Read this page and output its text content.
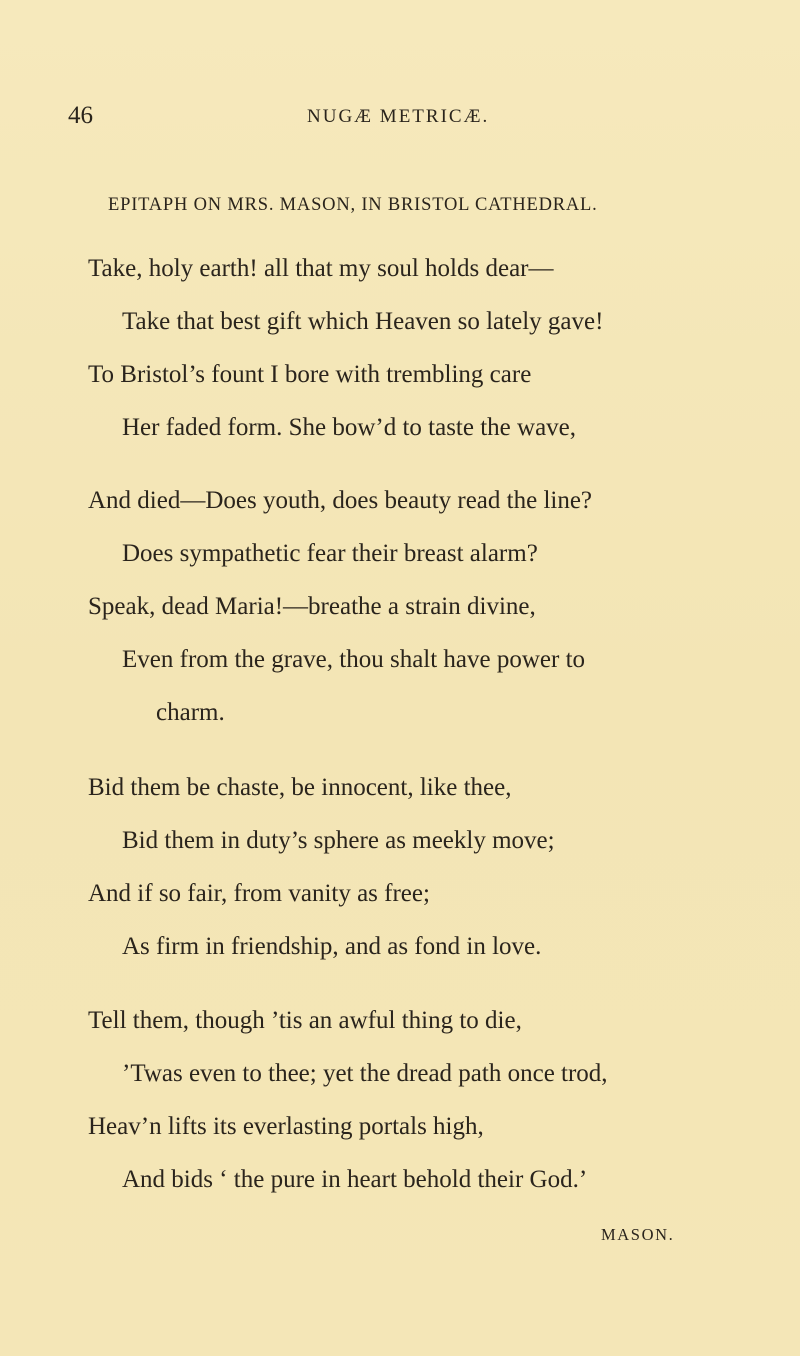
46	NUGÆ METRICÆ.
EPITAPH ON MRS. MASON, IN BRISTOL CATHEDRAL.
Take, holy earth! all that my soul holds dear—
Take that best gift which Heaven so lately gave!
To Bristol’s fount I bore with trembling care
Her faded form. She bow’d to taste the wave,
And died—Does youth, does beauty read the line?
Does sympathetic fear their breast alarm?
Speak, dead Maria!—breathe a strain divine,
Even from the grave, thou shalt have power to
charm.
Bid them be chaste, be innocent, like thee,
Bid them in duty’s sphere as meekly move;
And if so fair, from vanity as free;
As firm in friendship, and as fond in love.
Tell them, though ’tis an awful thing to die,
’Twas even to thee; yet the dread path once trod,
Heav’n lifts its everlasting portals high,
And bids ‘ the pure in heart behold their God.’
MASON.
